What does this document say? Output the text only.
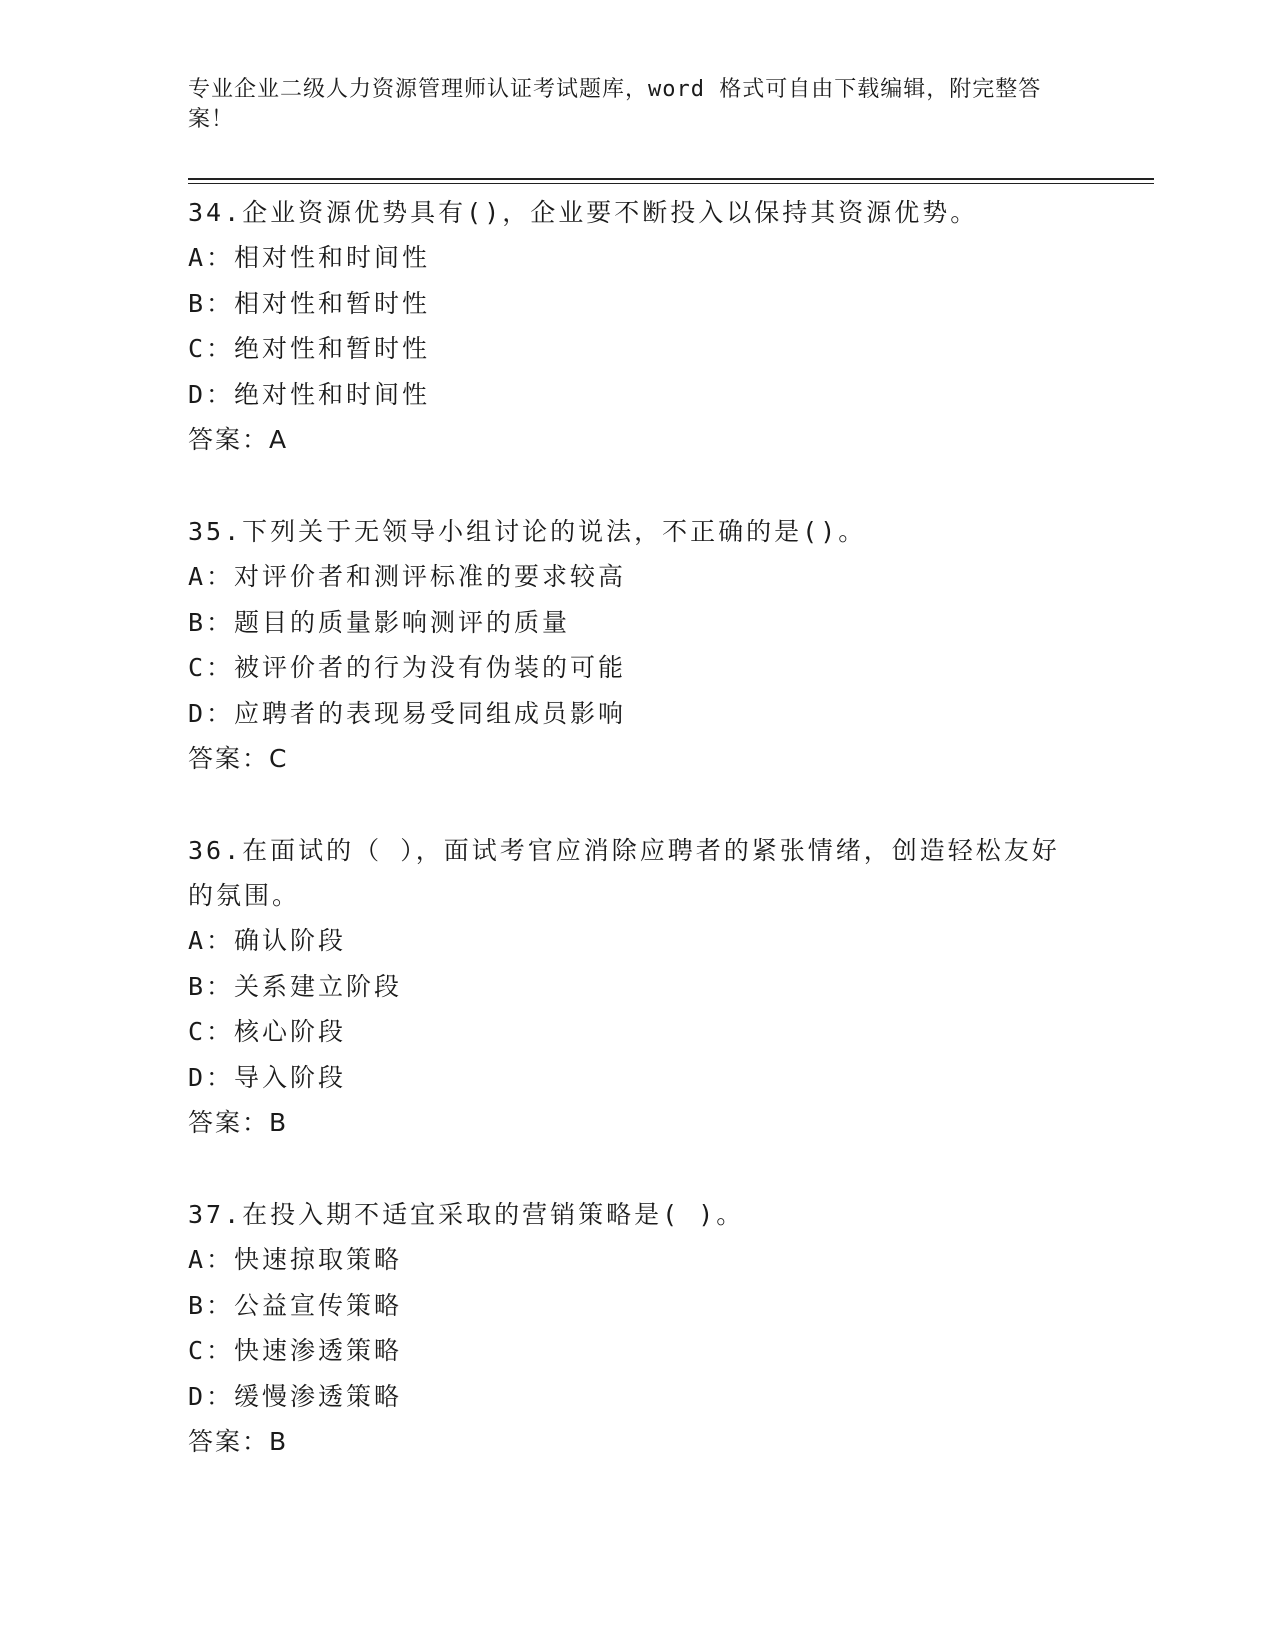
专业企业二级人力资源管理师认证考试题库，word 格式可自由下载编辑，附完整答案！

34.企业资源优势具有()，企业要不断投入以保持其资源优势。

A：相对性和时间性

B：相对性和暂时性

C：绝对性和暂时性

D：绝对性和时间性

答案：A

35.下列关于无领导小组讨论的说法，不正确的是()。

A：对评价者和测评标准的要求较高

B：题目的质量影响测评的质量

C：被评价者的行为没有伪装的可能

D：应聘者的表现易受同组成员影响

答案：C

36.在面试的（ ），面试考官应消除应聘者的紧张情绪，创造轻松友好的氛围。

A：确认阶段

B：关系建立阶段

C：核心阶段

D：导入阶段

答案：B

37.在投入期不适宜采取的营销策略是( )。

A：快速掠取策略

B：公益宣传策略

C：快速渗透策略

D：缓慢渗透策略

答案：B
